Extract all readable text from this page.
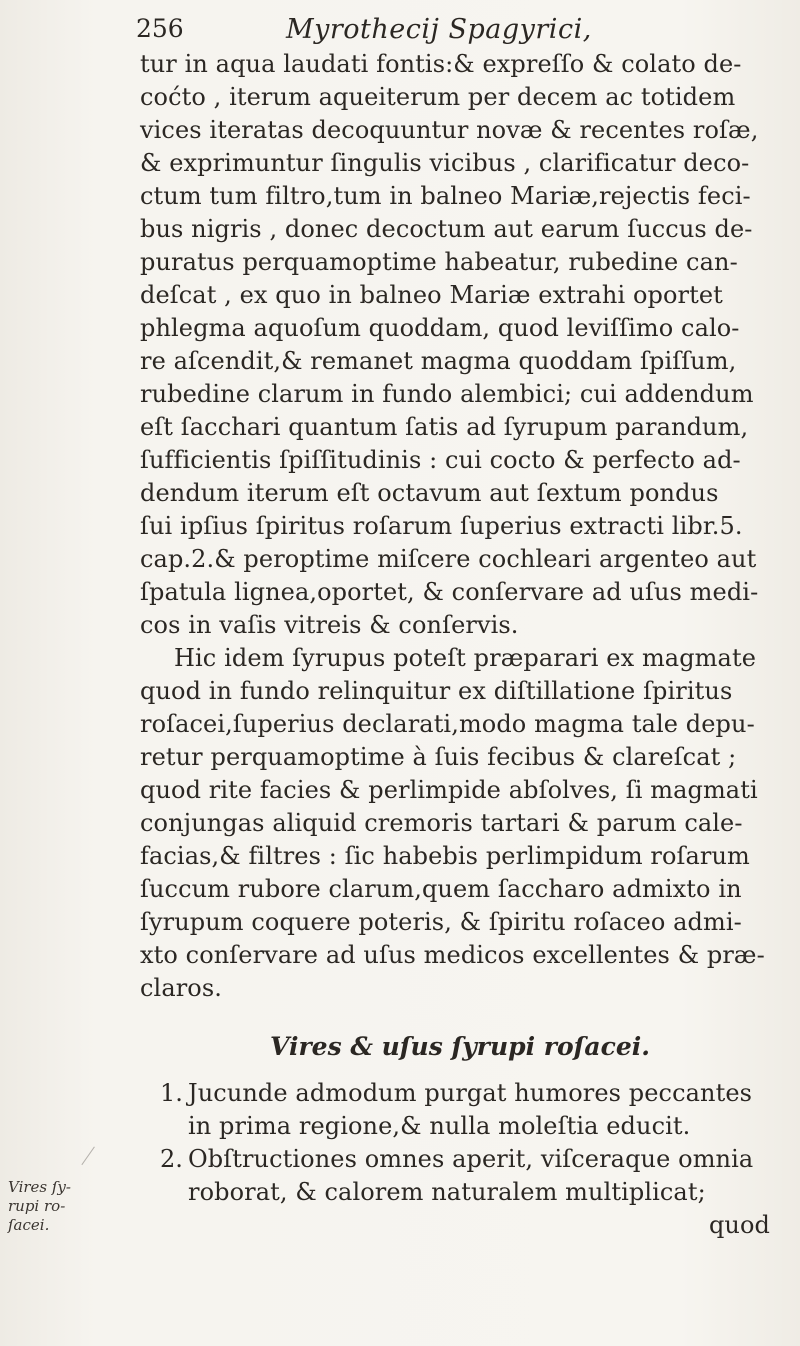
256	Myrothecij Spagyrici,
tur in aqua laudati fontis:& expreſſo & colato de-
coćto , iterum aqueiterum per decem ac totidem
vices iteratas decoquuntur novæ & recentes roſæ,
& exprimuntur ſingulis vicibus , clarificatur deco-
ctum tum filtro,tum in balneo Mariæ,rejectis feci-
bus nigris , donec decoctum aut earum ſuccus de-
puratus perquamoptime habeatur, rubedine can-
deſcat , ex quo in balneo Mariæ extrahi oportet
phlegma aquoſum quoddam, quod leviſſimo calo-
re aſcendit,& remanet magma quoddam ſpiſſum,
rubedine clarum in fundo alembici; cui addendum
eſt ſacchari quantum ſatis ad ſyrupum parandum,
ſufficientis ſpiſſitudinis : cui cocto & perfecto ad-
dendum iterum eſt octavum aut ſextum pondus
ſui ipſius ſpiritus roſarum ſuperius extracti libr.5.
cap.2.& peroptime miſcere cochleari argenteo aut
ſpatula lignea,oportet, & conſervare ad uſus medi-
cos in vaſis vitreis & conſervis.
Hic idem ſyrupus poteſt præparari ex magmate
quod in fundo relinquitur ex diſtillatione ſpiritus
roſacei,ſuperius declarati,modo magma tale depu-
retur perquamoptime à ſuis fecibus & clareſcat ;
quod rite facies & perlimpide abſolves, ſi magmati
conjungas aliquid cremoris tartari & parum cale-
facias,& filtres : ſic habebis perlimpidum roſarum
ſuccum rubore clarum,quem ſaccharo admixto in
ſyrupum coquere poteris, & ſpiritu roſaceo admi-
xto conſervare ad uſus medicos excellentes & præ-
claros.
Vires & uſus ſyrupi roſacei.
1. Jucunde admodum purgat humores peccantes
in prima regione,& nulla moleſtia educit.
2. Obſtructiones omnes aperit, viſceraque omnia
roborat, & calorem naturalem multiplicat;
quod
Vires ſy-
rupi ro-
ſacei.
